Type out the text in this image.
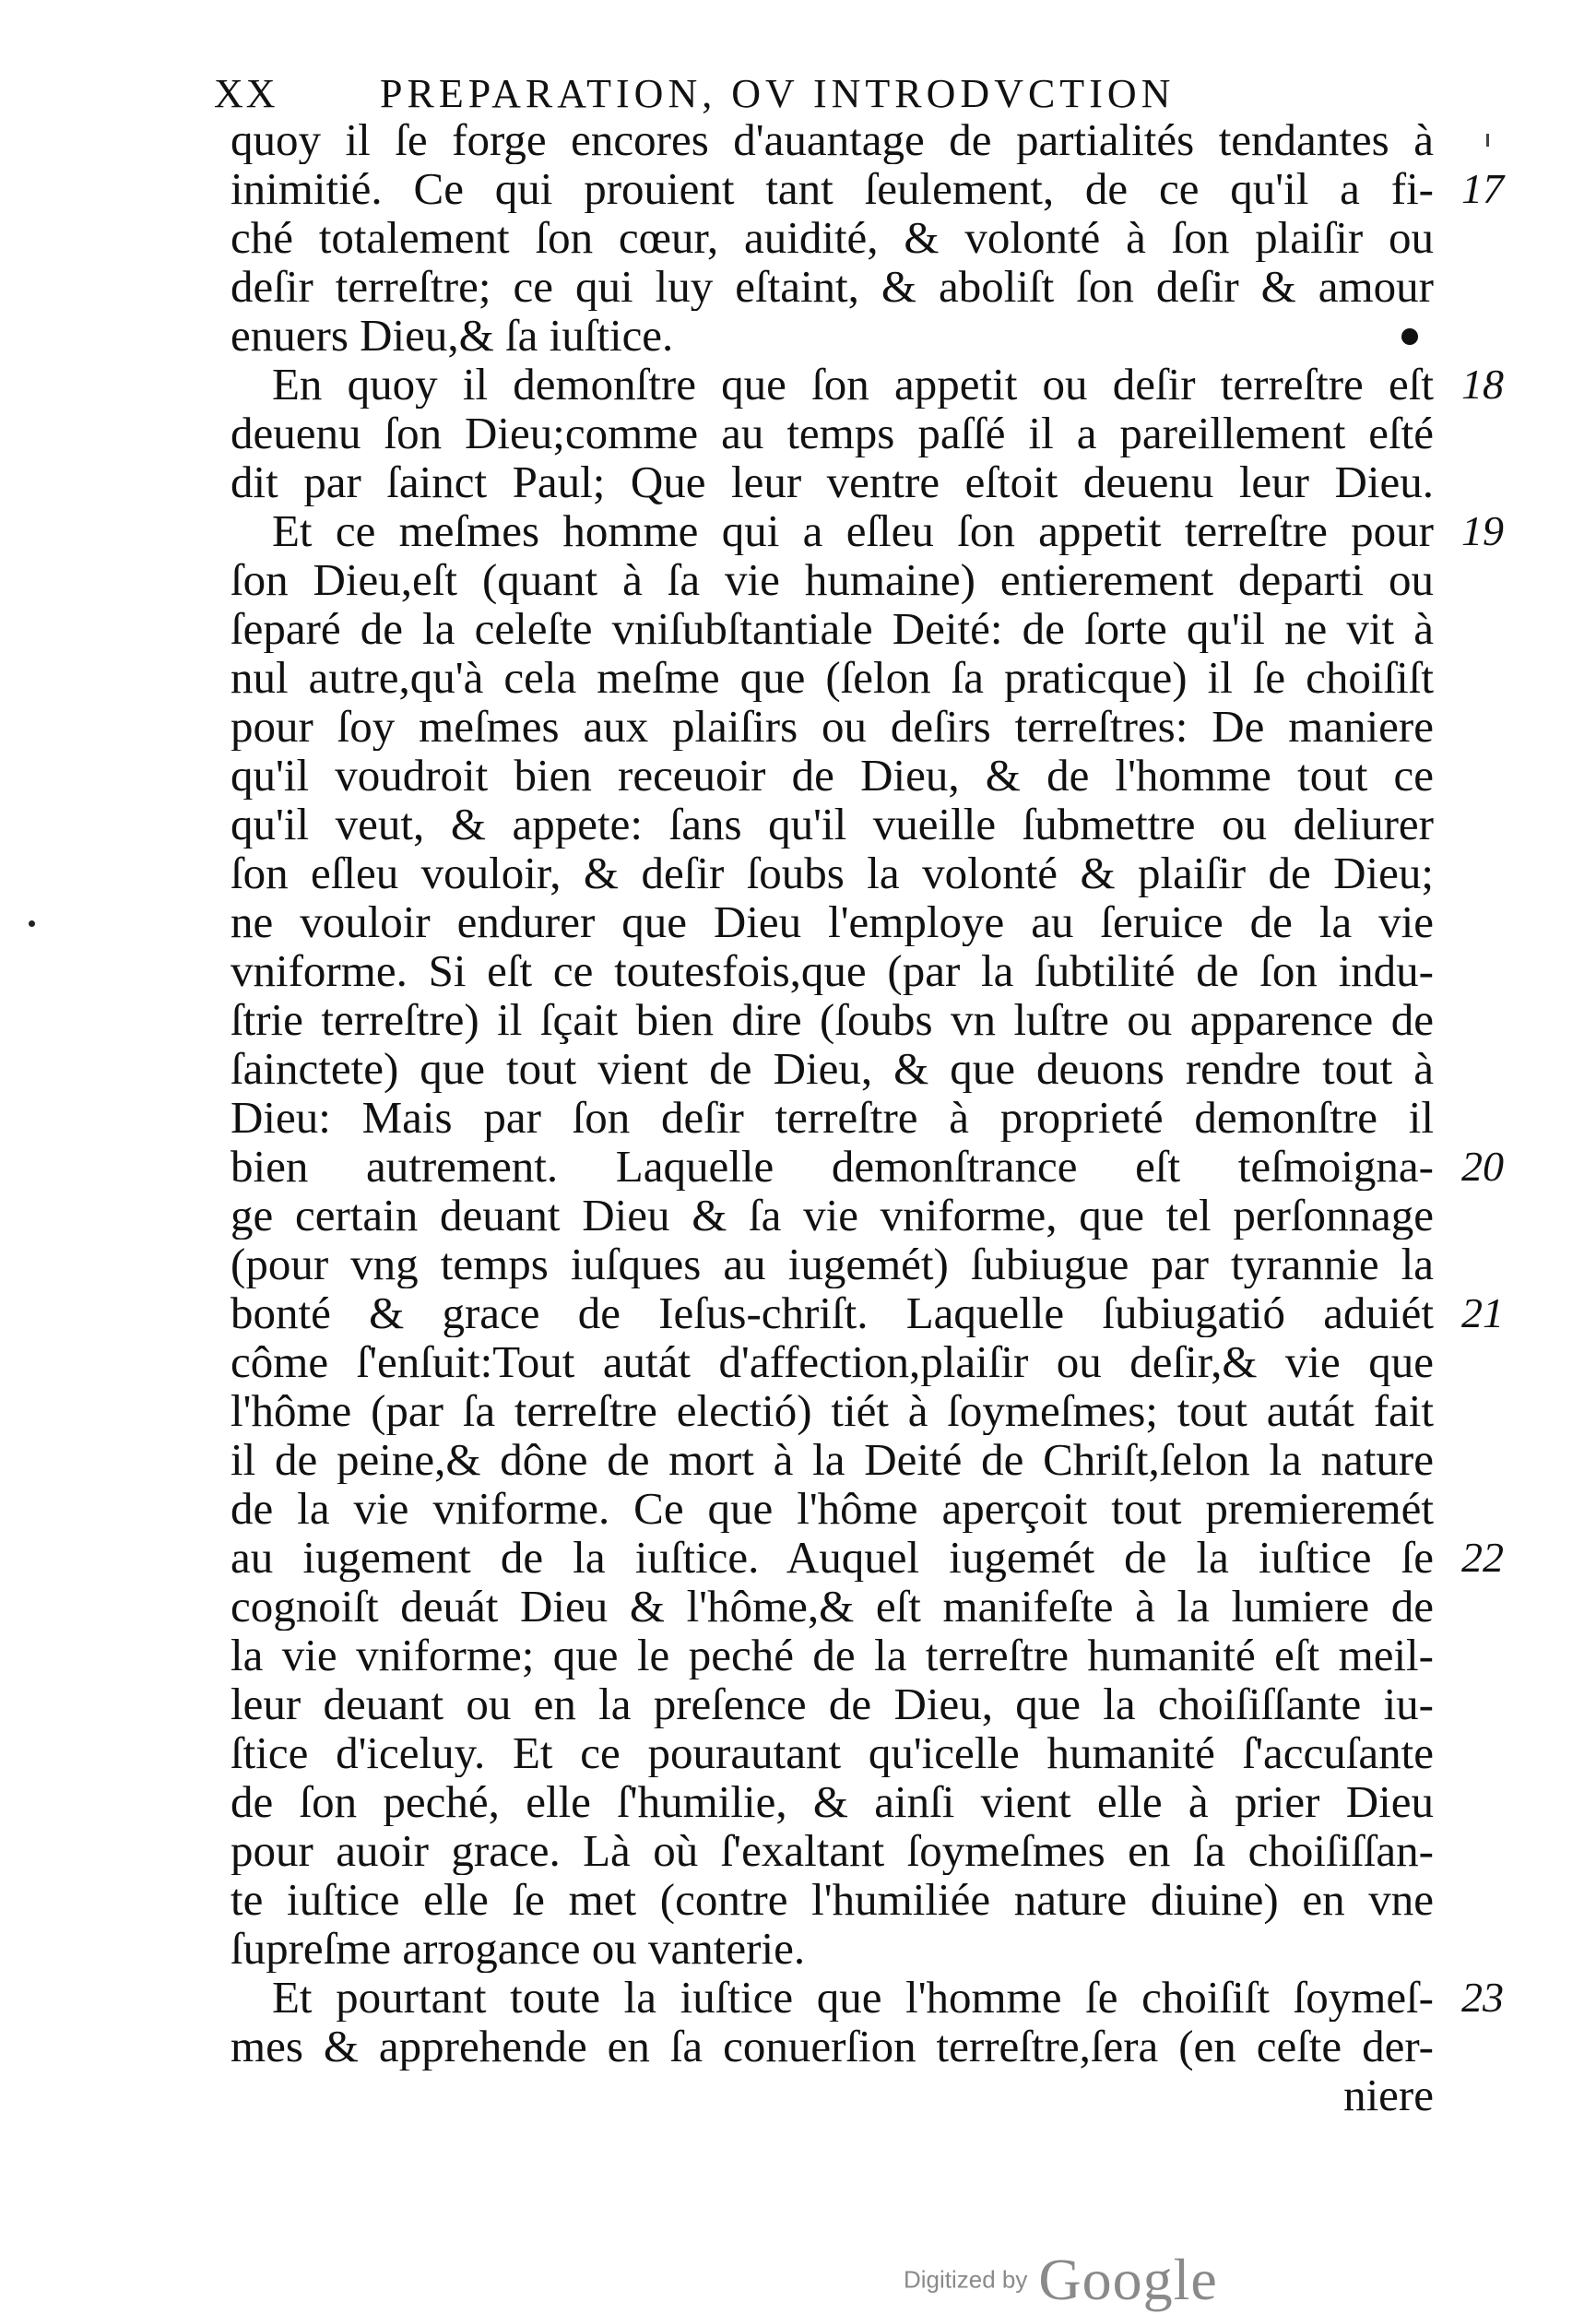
XX	PREPARATION, OV INTRODVCTION
quoy il ſe forge encores d'auantage de partialités tendantes à
inimitié. Ce qui prouient tant ſeulement, de ce qu'il a fi-
ché totalement ſon cœur, auidité, & volonté à ſon plaiſir ou
deſir terreſtre; ce qui luy eſtaint, & aboliſt ſon deſir & amour
enuers Dieu,& ſa iuſtice.
En quoy il demonſtre que ſon appetit ou deſir terreſtre eſt
deuenu ſon Dieu;comme au temps paſſé il a pareillement eſté
dit par ſainct Paul; Que leur ventre eſtoit deuenu leur Dieu.
Et ce meſmes homme qui a eſleu ſon appetit terreſtre pour
ſon Dieu,eſt (quant à ſa vie humaine) entierement departi ou
ſeparé de la celeſte vniſubſtantiale Deité: de ſorte qu'il ne vit à
nul autre,qu'à cela meſme que (ſelon ſa praticque) il ſe choiſiſt
pour ſoy meſmes aux plaiſirs ou deſirs terreſtres: De maniere
qu'il voudroit bien receuoir de Dieu, & de l'homme tout ce
qu'il veut, & appete: ſans qu'il vueille ſubmettre ou deliurer
ſon eſleu vouloir, & deſir ſoubs la volonté & plaiſir de Dieu;
ne vouloir endurer que Dieu l'employe au ſeruice de la vie
vniforme. Si eſt ce toutesfois,que (par la ſubtilité de ſon indu-
ſtrie terreſtre) il ſçait bien dire (ſoubs vn luſtre ou apparence de
ſainctete) que tout vient de Dieu, & que deuons rendre tout à
Dieu: Mais par ſon deſir terreſtre à proprieté demonſtre il
bien autrement. Laquelle demonſtrance eſt teſmoigna-
ge certain deuant Dieu & ſa vie vniforme, que tel perſonnage
(pour vng temps iuſques au iugemét) ſubiugue par tyrannie la
bonté & grace de Ieſus-chriſt. Laquelle ſubiugatió aduiét
côme ſ'enſuit:Tout autát d'affection,plaiſir ou deſir,& vie que
l'hôme (par ſa terreſtre electió) tiét à ſoymeſmes; tout autát fait
il de peine,& dône de mort à la Deité de Chriſt,ſelon la nature
de la vie vniforme. Ce que l'hôme aperçoit tout premieremét
au iugement de la iuſtice. Auquel iugemét de la iuſtice ſe
cognoiſt deuát Dieu & l'hôme,& eſt manifeſte à la lumiere de
la vie vniforme; que le peché de la terreſtre humanité eſt meil-
leur deuant ou en la preſence de Dieu, que la choiſiſſante iu-
ſtice d'iceluy. Et ce pourautant qu'icelle humanité ſ'accuſante
de ſon peché, elle ſ'humilie, & ainſi vient elle à prier Dieu
pour auoir grace. Là où ſ'exaltant ſoymeſmes en ſa choiſiſſan-
te iuſtice elle ſe met (contre l'humiliée nature diuine) en vne
ſupreſme arrogance ou vanterie.
Et pourtant toute la iuſtice que l'homme ſe choiſiſt ſoymeſ-
mes & apprehende en ſa conuerſion terreſtre,ſera (en ceſte der-
niere
17
18
19
20
21
22
23
Digitized by Google
